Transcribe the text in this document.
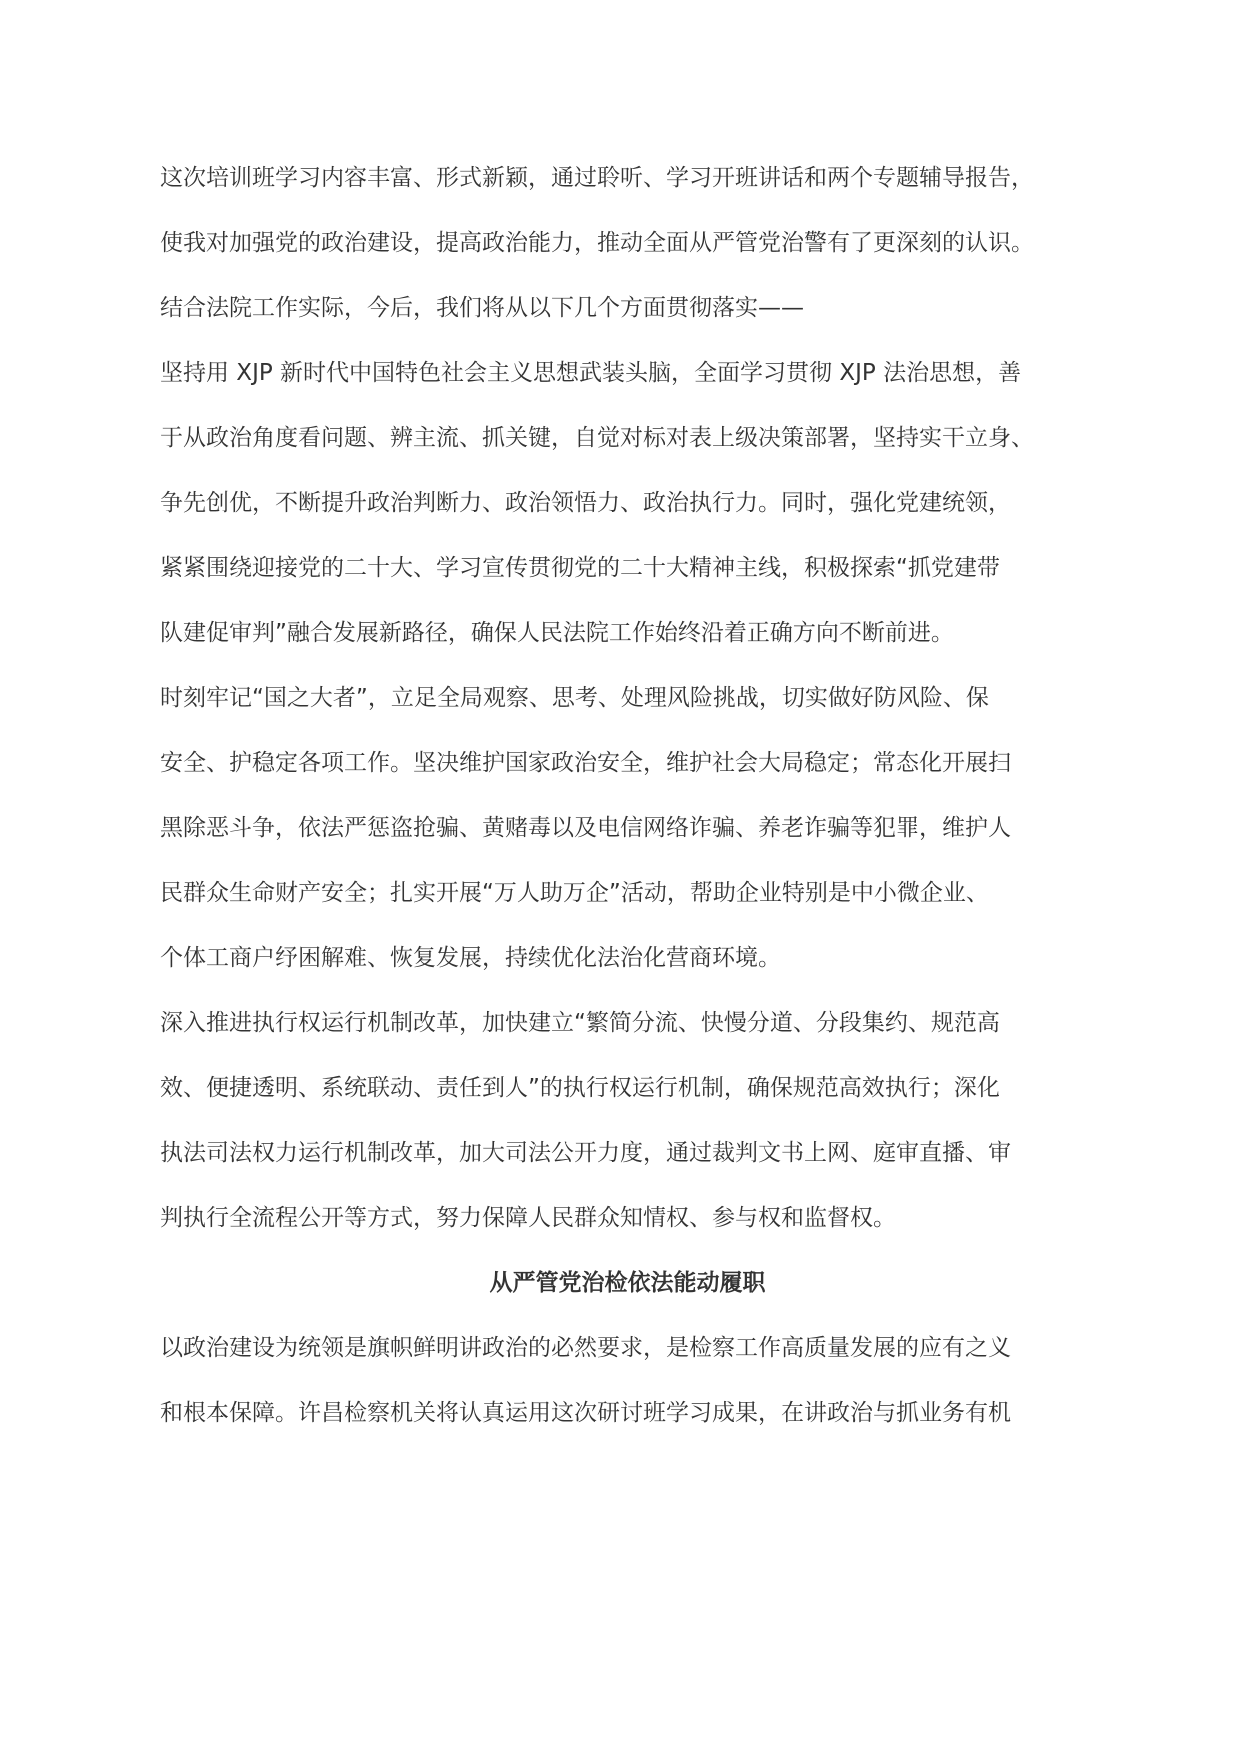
这次培训班学习内容丰富、形式新颖，通过聆听、学习开班讲话和两个专题辅导报告，
使我对加强党的政治建设，提高政治能力，推动全面从严管党治警有了更深刻的认识。
结合法院工作实际，今后，我们将从以下几个方面贯彻落实——
坚持用 XJP 新时代中国特色社会主义思想武装头脑，全面学习贯彻 XJP 法治思想，善
于从政治角度看问题、辨主流、抓关键，自觉对标对表上级决策部署，坚持实干立身、
争先创优，不断提升政治判断力、政治领悟力、政治执行力。同时，强化党建统领，
紧紧围绕迎接党的二十大、学习宣传贯彻党的二十大精神主线，积极探索“抓党建带
队建促审判”融合发展新路径，确保人民法院工作始终沿着正确方向不断前进。
时刻牢记“国之大者”，立足全局观察、思考、处理风险挑战，切实做好防风险、保
安全、护稳定各项工作。坚决维护国家政治安全，维护社会大局稳定；常态化开展扫
黑除恶斗争，依法严惩盗抢骗、黄赌毒以及电信网络诈骗、养老诈骗等犯罪，维护人
民群众生命财产安全；扎实开展“万人助万企”活动，帮助企业特别是中小微企业、
个体工商户纾困解难、恢复发展，持续优化法治化营商环境。
深入推进执行权运行机制改革，加快建立“繁简分流、快慢分道、分段集约、规范高
效、便捷透明、系统联动、责任到人”的执行权运行机制，确保规范高效执行；深化
执法司法权力运行机制改革，加大司法公开力度，通过裁判文书上网、庭审直播、审
判执行全流程公开等方式，努力保障人民群众知情权、参与权和监督权。
从严管党治检依法能动履职
以政治建设为统领是旗帜鲜明讲政治的必然要求，是检察工作高质量发展的应有之义
和根本保障。许昌检察机关将认真运用这次研讨班学习成果，在讲政治与抓业务有机
